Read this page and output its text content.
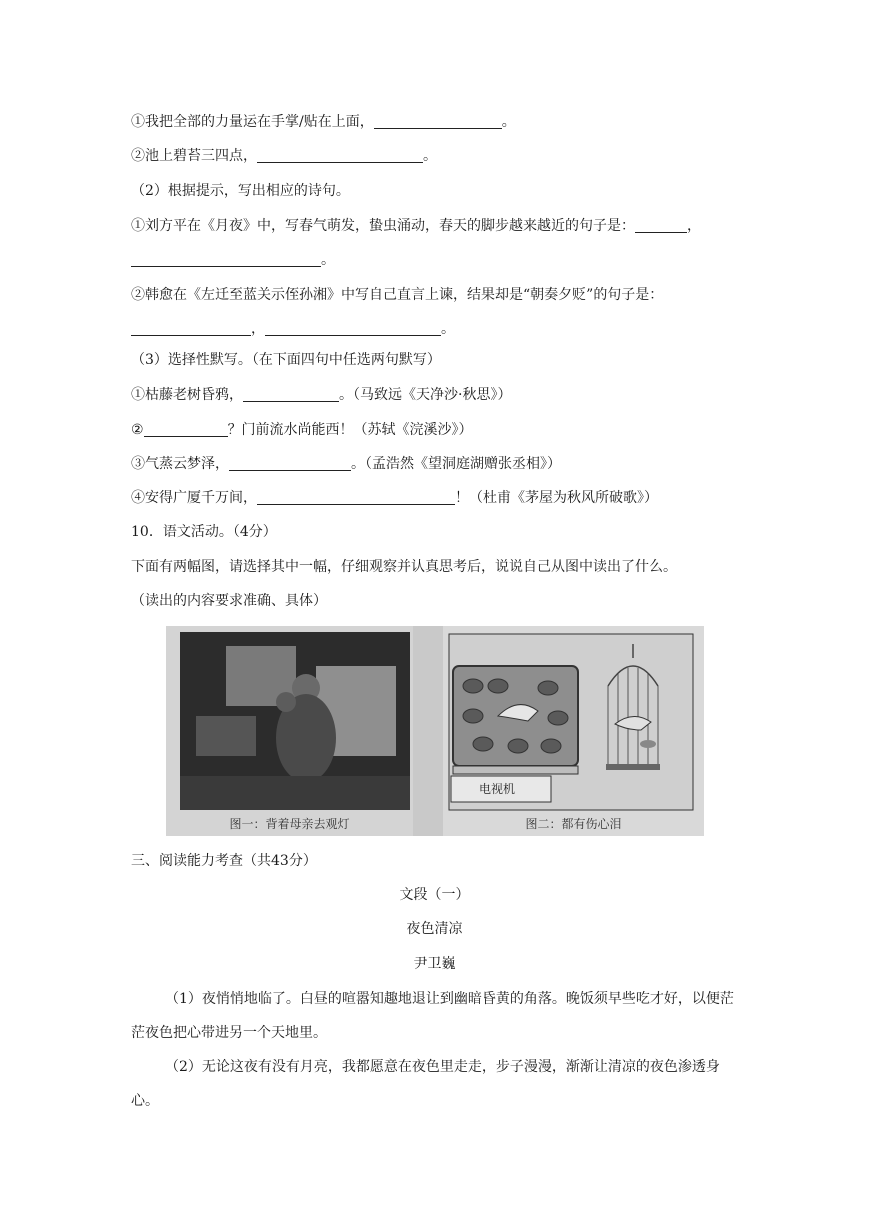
①我把全部的力量运在手掌/贴在上面，	。
②池上碧苔三四点，	。
（2）根据提示，写出相应的诗句。
①刘方平在《月夜》中，写春气萌发，蛰虫涌动，春天的脚步越来越近的句子是：	，
。
②韩愈在《左迁至蓝关示侄孙湘》中写自己直言上谏，结果却是“朝奏夕贬”的句子是：
，	。
（3）选择性默写。（在下面四句中任选两句默写）
①枯藤老树昏鸦，	。（马致远《天净沙·秋思》）
②	？门前流水尚能西！（苏轼《浣溪沙》）
③气蒸云梦泽，	。（孟浩然《望洞庭湖赠张丞相》）
④安得广厦千万间，	！（杜甫《茅屋为秋风所破歌》）
10．语文活动。（4分）
下面有两幅图，请选择其中一幅，仔细观察并认真思考后，说说自己从图中读出了什么。
（读出的内容要求准确、具体）
图一：背着母亲去观灯
电视机
图二：都有伤心泪
三、阅读能力考查（共43分）
文段（一）
夜色清凉
尹卫巍
（1）夜悄悄地临了。白昼的喧嚣知趣地退让到幽暗昏黄的角落。晚饭须早些吃才好，以便茫茫夜色把心带进另一个天地里。
（2）无论这夜有没有月亮，我都愿意在夜色里走走，步子漫漫，渐渐让清凉的夜色渗透身心。
